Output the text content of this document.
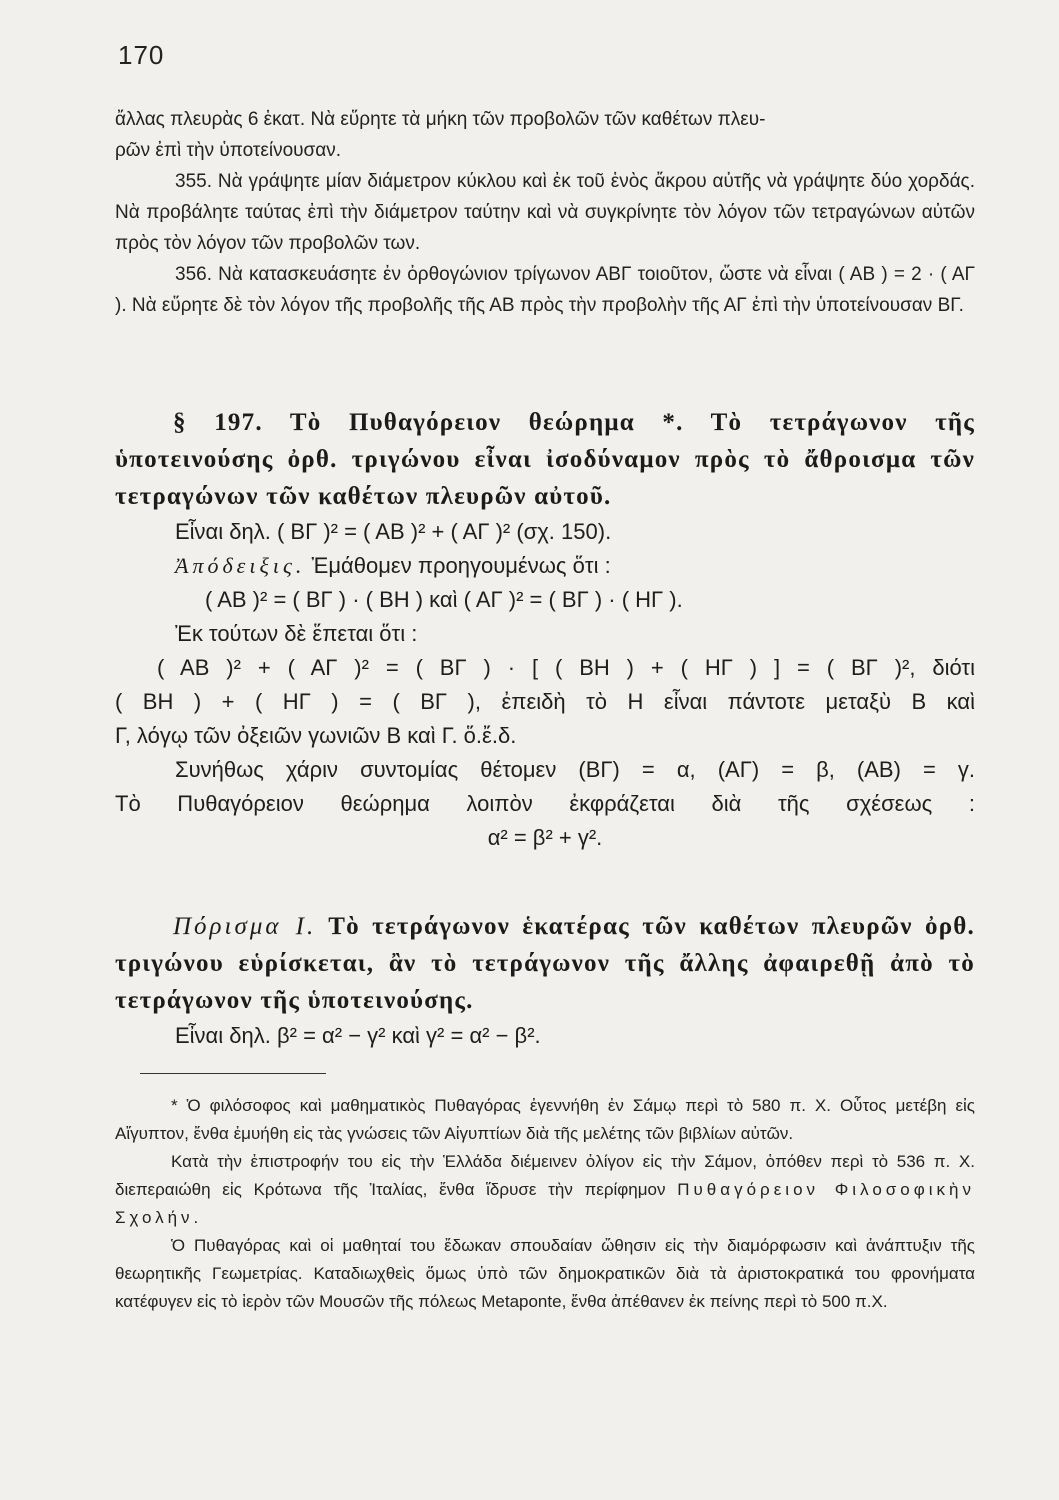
170

ἄλλας πλευρὰς 6 ἑκατ. Νὰ εὕρητε τὰ μήκη τῶν προβολῶν τῶν καθέτων πλευ-

ρῶν ἐπὶ τὴν ὑποτείνουσαν.

355. Νὰ γράψητε μίαν διάμετρον κύκλου καὶ ἐκ τοῦ ἑνὸς ἄκρου αὐτῆς νὰ γράψητε δύο χορδάς. Νὰ προβάλητε ταύτας ἐπὶ τὴν διάμετρον ταύτην καὶ νὰ συγκρίνητε τὸν λόγον τῶν τετραγώνων αὐτῶν πρὸς τὸν λόγον τῶν προβολῶν των.

356. Νὰ κατασκευάσητε ἐν ὀρθογώνιον τρίγωνον ΑΒΓ τοιοῦτον, ὥστε νὰ εἶναι ( ΑΒ ) = 2 · ( ΑΓ ). Νὰ εὕρητε δὲ τὸν λόγον τῆς προβολῆς τῆς ΑΒ πρὸς τὴν προβολὴν τῆς ΑΓ ἐπὶ τὴν ὑποτείνουσαν ΒΓ.

§ 197. Τὸ Πυθαγόρειον θεώρημα *. Τὸ τετράγωνον τῆς ὑποτεινούσης ὀρθ. τριγώνου εἶναι ἰσοδύναμον πρὸς τὸ ἄθροισμα τῶν τετραγώνων τῶν καθέτων πλευρῶν αὐτοῦ.

Εἶναι δηλ. ( ΒΓ )² = ( ΑΒ )² + ( ΑΓ )² (σχ. 150).

Ἀπόδειξις. Ἐμάθομεν προηγουμένως ὅτι :

( ΑΒ )² = ( ΒΓ ) · ( ΒΗ ) καὶ ( ΑΓ )² = ( ΒΓ ) · ( ΗΓ ).

Ἐκ τούτων δὲ ἕπεται ὅτι :

( ΑΒ )² + ( ΑΓ )² = ( ΒΓ ) · [ ( ΒΗ ) + ( ΗΓ ) ] = ( ΒΓ )², διότι

( ΒΗ ) + ( ΗΓ ) = ( ΒΓ ), ἐπειδὴ τὸ Η εἶναι πάντοτε μεταξὺ Β καὶ

Γ, λόγῳ τῶν ὀξειῶν γωνιῶν Β καὶ Γ. ὅ.ἔ.δ.

Συνήθως χάριν συντομίας θέτομεν (ΒΓ) = α, (ΑΓ) = β, (ΑΒ) = γ.

Τὸ Πυθαγόρειον θεώρημα λοιπὸν ἐκφράζεται διὰ τῆς σχέσεως :

α² = β² + γ².

Πόρισμα Ι. Τὸ τετράγωνον ἑκατέρας τῶν καθέτων πλευρῶν ὀρθ. τριγώνου εὑρίσκεται, ἂν τὸ τετράγωνον τῆς ἄλλης ἀφαιρεθῇ ἀπὸ τὸ τετράγωνον τῆς ὑποτεινούσης.

Εἶναι δηλ. β² = α² − γ² καὶ γ² = α² − β².

* Ὁ φιλόσοφος καὶ μαθηματικὸς Πυθαγόρας ἐγεννήθη ἐν Σάμῳ περὶ τὸ 580 π. Χ. Οὗτος μετέβη εἰς Αἴγυπτον, ἔνθα ἐμυήθη εἰς τὰς γνώσεις τῶν Αἰγυπτίων διὰ τῆς μελέτης τῶν βιβλίων αὐτῶν.

Κατὰ τὴν ἐπιστροφήν του εἰς τὴν Ἑλλάδα διέμεινεν ὀλίγον εἰς τὴν Σάμον, ὁπόθεν περὶ τὸ 536 π. Χ. διεπεραιώθη εἰς Κρότωνα τῆς Ἰταλίας, ἔνθα ἵδρυσε τὴν περίφημον Πυθαγόρειον Φιλοσοφικὴν Σχολήν.

Ὁ Πυθαγόρας καὶ οἱ μαθηταί του ἔδωκαν σπουδαίαν ὤθησιν εἰς τὴν διαμόρφωσιν καὶ ἀνάπτυξιν τῆς θεωρητικῆς Γεωμετρίας. Καταδιωχθεὶς ὅμως ὑπὸ τῶν δημοκρατικῶν διὰ τὰ ἀριστοκρατικά του φρονήματα κατέφυγεν εἰς τὸ ἱερὸν τῶν Μουσῶν τῆς πόλεως Metaponte, ἔνθα ἀπέθανεν ἐκ πείνης περὶ τὸ 500 π.Χ.
